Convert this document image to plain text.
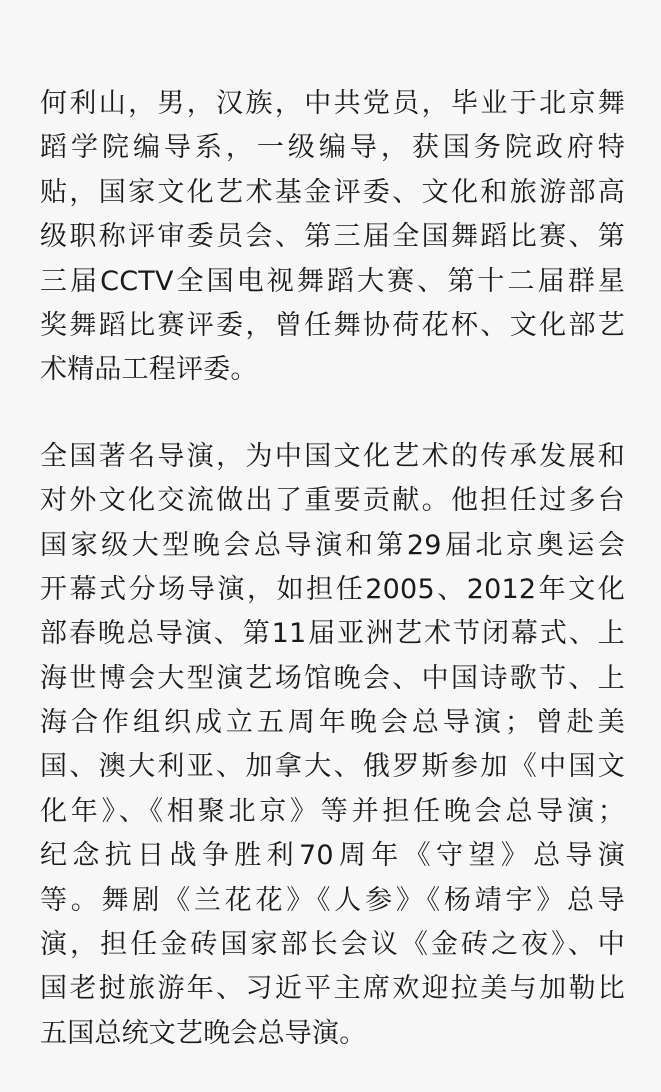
何利山，男，汉族，中共党员，毕业于北京舞
蹈学院编导系，一级编导，获国务院政府特
贴，国家文化艺术基金评委、文化和旅游部高
级职称评审委员会、第三届全国舞蹈比赛、第
三届CCTV全国电视舞蹈大赛、第十二届群星
奖舞蹈比赛评委，曾任舞协荷花杯、文化部艺
术精品工程评委。
全国著名导演，为中国文化艺术的传承发展和
对外文化交流做出了重要贡献。他担任过多台
国家级大型晚会总导演和第29届北京奥运会
开幕式分场导演，如担任2005、2012年文化
部春晚总导演、第11届亚洲艺术节闭幕式、上
海世博会大型演艺场馆晚会、中国诗歌节、上
海合作组织成立五周年晚会总导演；曾赴美
国、澳大利亚、加拿大、俄罗斯参加《中国文
化年》、《相聚北京》等并担任晚会总导演；
纪念抗日战争胜利70周年《守望》总导演
等。舞剧《兰花花》《人参》《杨靖宇》总导
演，担任金砖国家部长会议《金砖之夜》、中
国老挝旅游年、习近平主席欢迎拉美与加勒比
五国总统文艺晚会总导演。
